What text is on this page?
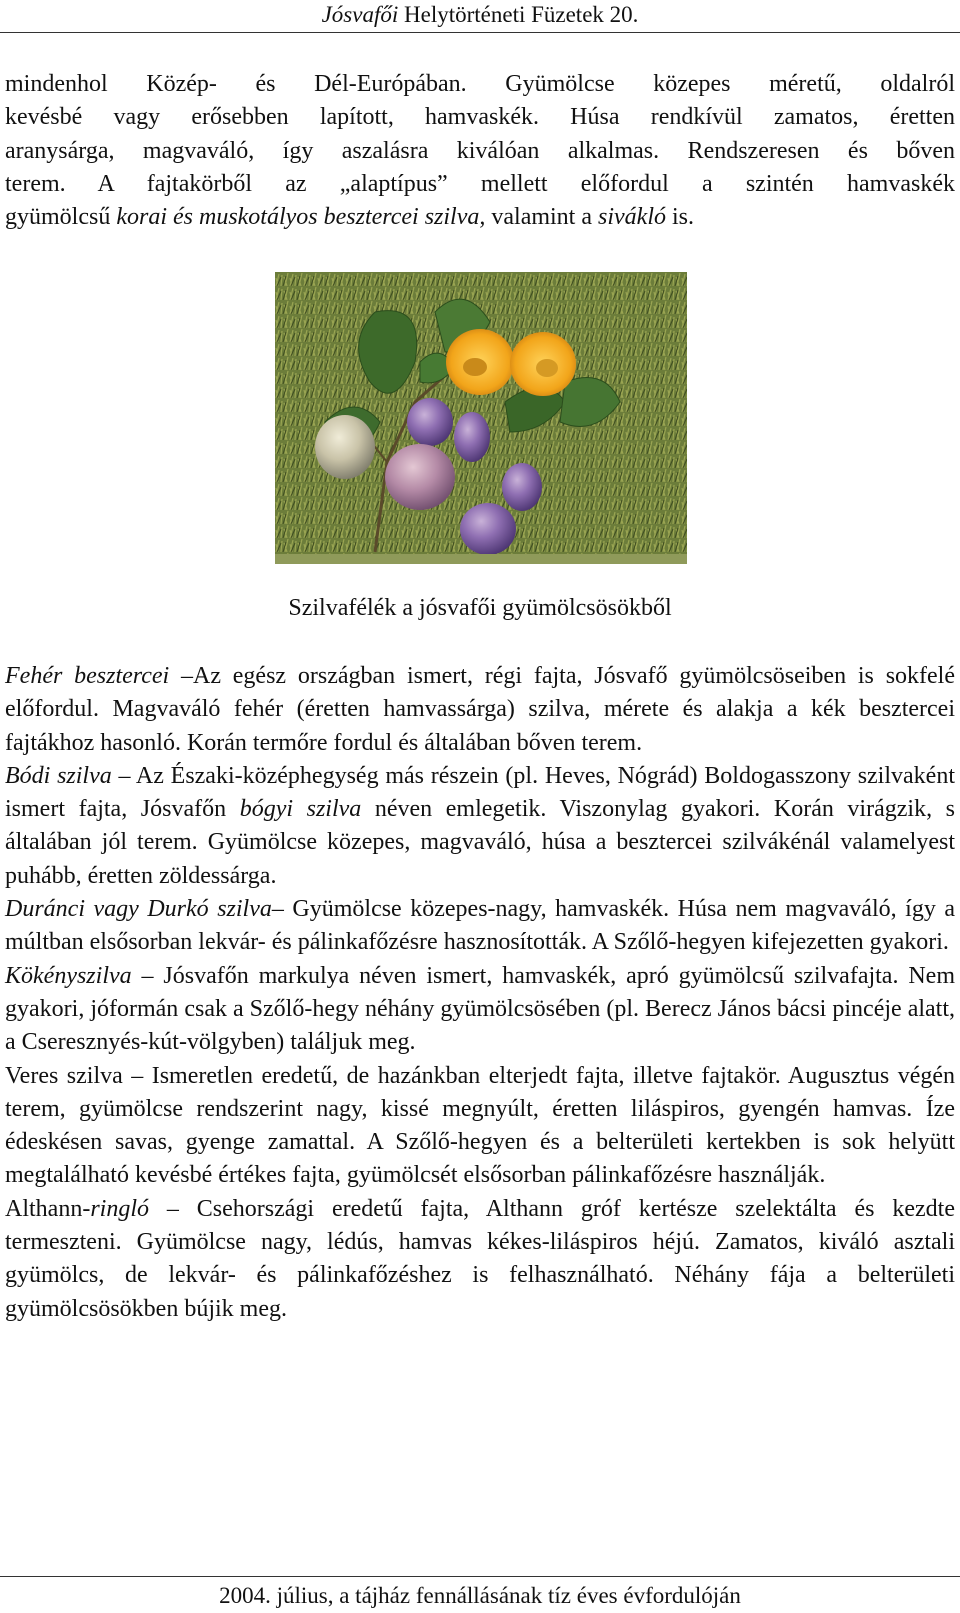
Jósvafői Helytörténeti Füzetek 20.
mindenhol Közép- és Dél-Európában. Gyümölcse közepes méretű, oldalról
kevésbé vagy erősebben lapított, hamvaskék. Húsa rendkívül zamatos, éretten
aranysárga, magvaváló, így aszalásra kiválóan alkalmas. Rendszeresen és bőven
terem. A fajtakörből az „alaptípus” mellett előfordul a szintén hamvaskék
gyümölcsű korai és muskotályos besztercei szilva, valamint a sivákló is.
Szilvafélék a jósvafői gyümölcsösökből

Fehér besztercei –Az egész országban ismert, régi fajta, Jósvafő gyümölcsöseiben is sokfelé előfordul. Magvaváló fehér (éretten hamvassárga) szilva, mérete és alakja a kék besztercei fajtákhoz hasonló. Korán termőre fordul és általában bőven terem.

Bódi szilva – Az Északi-középhegység más részein (pl. Heves, Nógrád) Boldogasszony szilvaként ismert fajta, Jósvafőn bógyi szilva néven emlegetik. Viszonylag gyakori. Korán virágzik, s általában jól terem. Gyümölcse közepes, magvaváló, húsa a besztercei szilvákénál valamelyest puhább, éretten zöldessárga.

Duránci vagy Durkó szilva– Gyümölcse közepes-nagy, hamvaskék. Húsa nem magvaváló, így a múltban elsősorban lekvár- és pálinkafőzésre hasznosították. A Szőlő-hegyen kifejezetten gyakori.

Kökényszilva – Jósvafőn markulya néven ismert, hamvaskék, apró gyümölcsű szilvafajta. Nem gyakori, jóformán csak a Szőlő-hegy néhány gyümölcsösében (pl. Berecz János bácsi pincéje alatt, a Cseresznyés-kút-völgyben) találjuk meg.

Veres szilva – Ismeretlen eredetű, de hazánkban elterjedt fajta, illetve fajtakör. Augusztus végén terem, gyümölcse rendszerint nagy, kissé megnyúlt, éretten liláspiros, gyengén hamvas. Íze édeskésen savas, gyenge zamattal. A Szőlő-hegyen és a belterületi kertekben is sok helyütt megtalálható kevésbé értékes fajta, gyümölcsét elsősorban pálinkafőzésre használják.

Althann-ringló – Csehországi eredetű fajta, Althann gróf kertésze szelektálta és kezdte termeszteni. Gyümölcse nagy, lédús, hamvas kékes-liláspiros héjú. Zamatos, kiváló asztali gyümölcs, de lekvár- és pálinkafőzéshez is felhasználható. Néhány fája a belterületi gyümölcsösökben bújik meg.

2004. július, a tájház fennállásának tíz éves évfordulóján
